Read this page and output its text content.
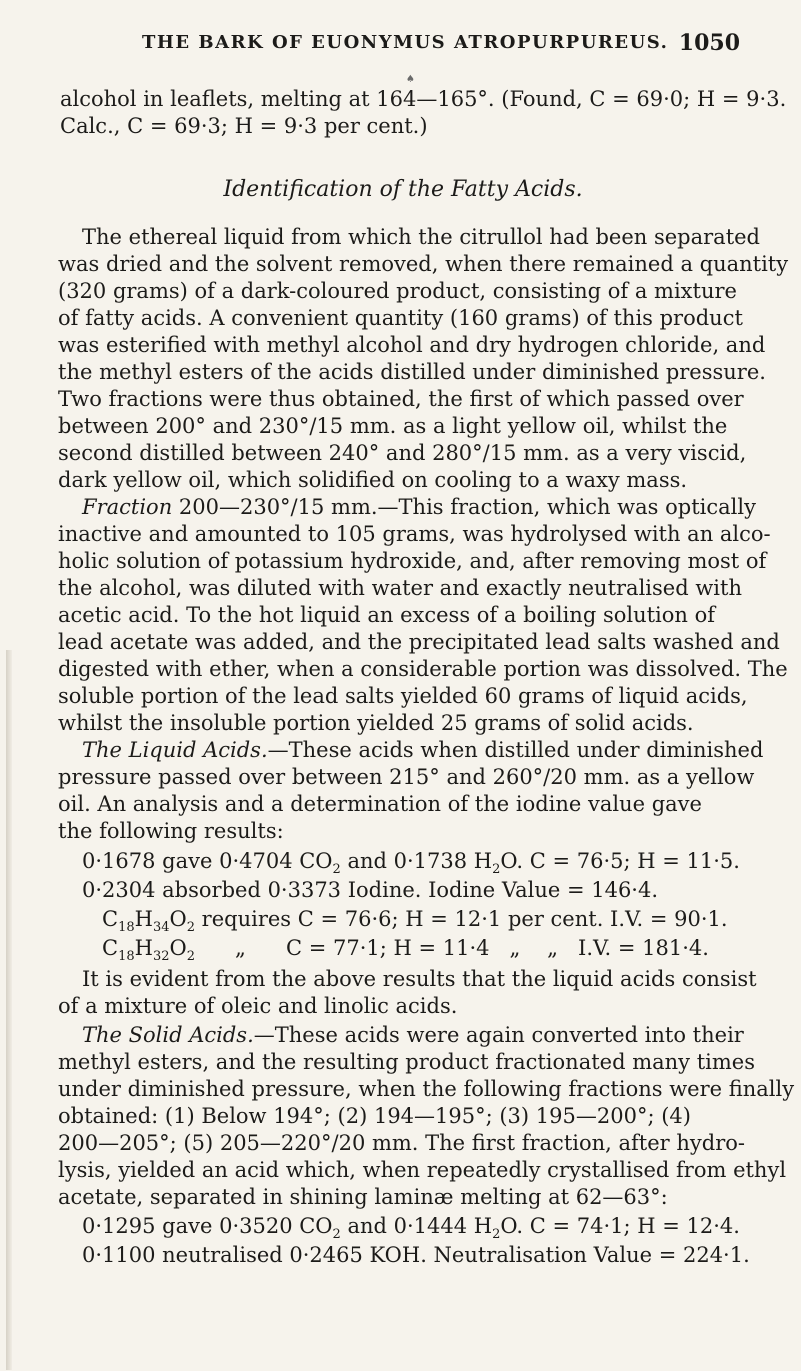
THE BARK OF EUONYMUS ATROPURPUREUS. 1050
♠
alcohol in leaflets, melting at 164—165°. (Found, C = 69·0; H = 9·3.
Calc., C = 69·3; H = 9·3 per cent.)
Identification of the Fatty Acids.
The ethereal liquid from which the citrullol had been separated
was dried and the solvent removed, when there remained a quantity
(320 grams) of a dark-coloured product, consisting of a mixture
of fatty acids. A convenient quantity (160 grams) of this product
was esterified with methyl alcohol and dry hydrogen chloride, and
the methyl esters of the acids distilled under diminished pressure.
Two fractions were thus obtained, the first of which passed over
between 200° and 230°/15 mm. as a light yellow oil, whilst the
second distilled between 240° and 280°/15 mm. as a very viscid,
dark yellow oil, which solidified on cooling to a waxy mass.
Fraction 200—230°/15 mm.—This fraction, which was optically
inactive and amounted to 105 grams, was hydrolysed with an alco-
holic solution of potassium hydroxide, and, after removing most of
the alcohol, was diluted with water and exactly neutralised with
acetic acid. To the hot liquid an excess of a boiling solution of
lead acetate was added, and the precipitated lead salts washed and
digested with ether, when a considerable portion was dissolved. The
soluble portion of the lead salts yielded 60 grams of liquid acids,
whilst the insoluble portion yielded 25 grams of solid acids.
The Liquid Acids.—These acids when distilled under diminished
pressure passed over between 215° and 260°/20 mm. as a yellow
oil. An analysis and a determination of the iodine value gave
the following results:
0·1678 gave 0·4704 $CO_2$ and 0·1738 $H_2O$. C = 76·5; H = 11·5.
0·2304 absorbed 0·3373 Iodine. Iodine Value = 146·4.
$C_{18}H_{34}O_2$ requires C = 76·6; H = 12·1 per cent. I.V. = 90·1.
$C_{18}H_{32}O_2$      „      C = 77·1; H = 11·4   „    „   I.V. = 181·4.
It is evident from the above results that the liquid acids consist
of a mixture of oleic and linolic acids.
The Solid Acids.—These acids were again converted into their
methyl esters, and the resulting product fractionated many times
under diminished pressure, when the following fractions were finally
obtained: (1) Below 194°; (2) 194—195°; (3) 195—200°; (4)
200—205°; (5) 205—220°/20 mm. The first fraction, after hydro-
lysis, yielded an acid which, when repeatedly crystallised from ethyl
acetate, separated in shining laminæ melting at 62—63°:
0·1295 gave 0·3520 $CO_2$ and 0·1444 $H_2O$. C = 74·1; H = 12·4.
0·1100 neutralised 0·2465 KOH. Neutralisation Value = 224·1.
